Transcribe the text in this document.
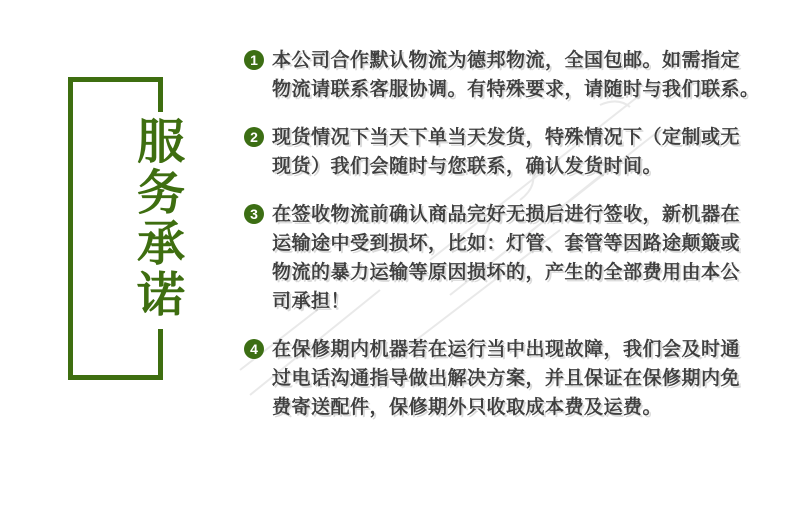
服
务
承
诺
1 本公司合作默认物流为德邦物流，全国包邮。如需指定
物流请联系客服协调。有特殊要求，请随时与我们联系。
2 现货情况下当天下单当天发货，特殊情况下（定制或无
现货）我们会随时与您联系，确认发货时间。
3 在签收物流前确认商品完好无损后进行签收，新机器在
运输途中受到损坏，比如：灯管、套管等因路途颠簸或
物流的暴力运输等原因损坏的，产生的全部费用由本公
司承担！
4 在保修期内机器若在运行当中出现故障，我们会及时通
过电话沟通指导做出解决方案，并且保证在保修期内免
费寄送配件，保修期外只收取成本费及运费。
